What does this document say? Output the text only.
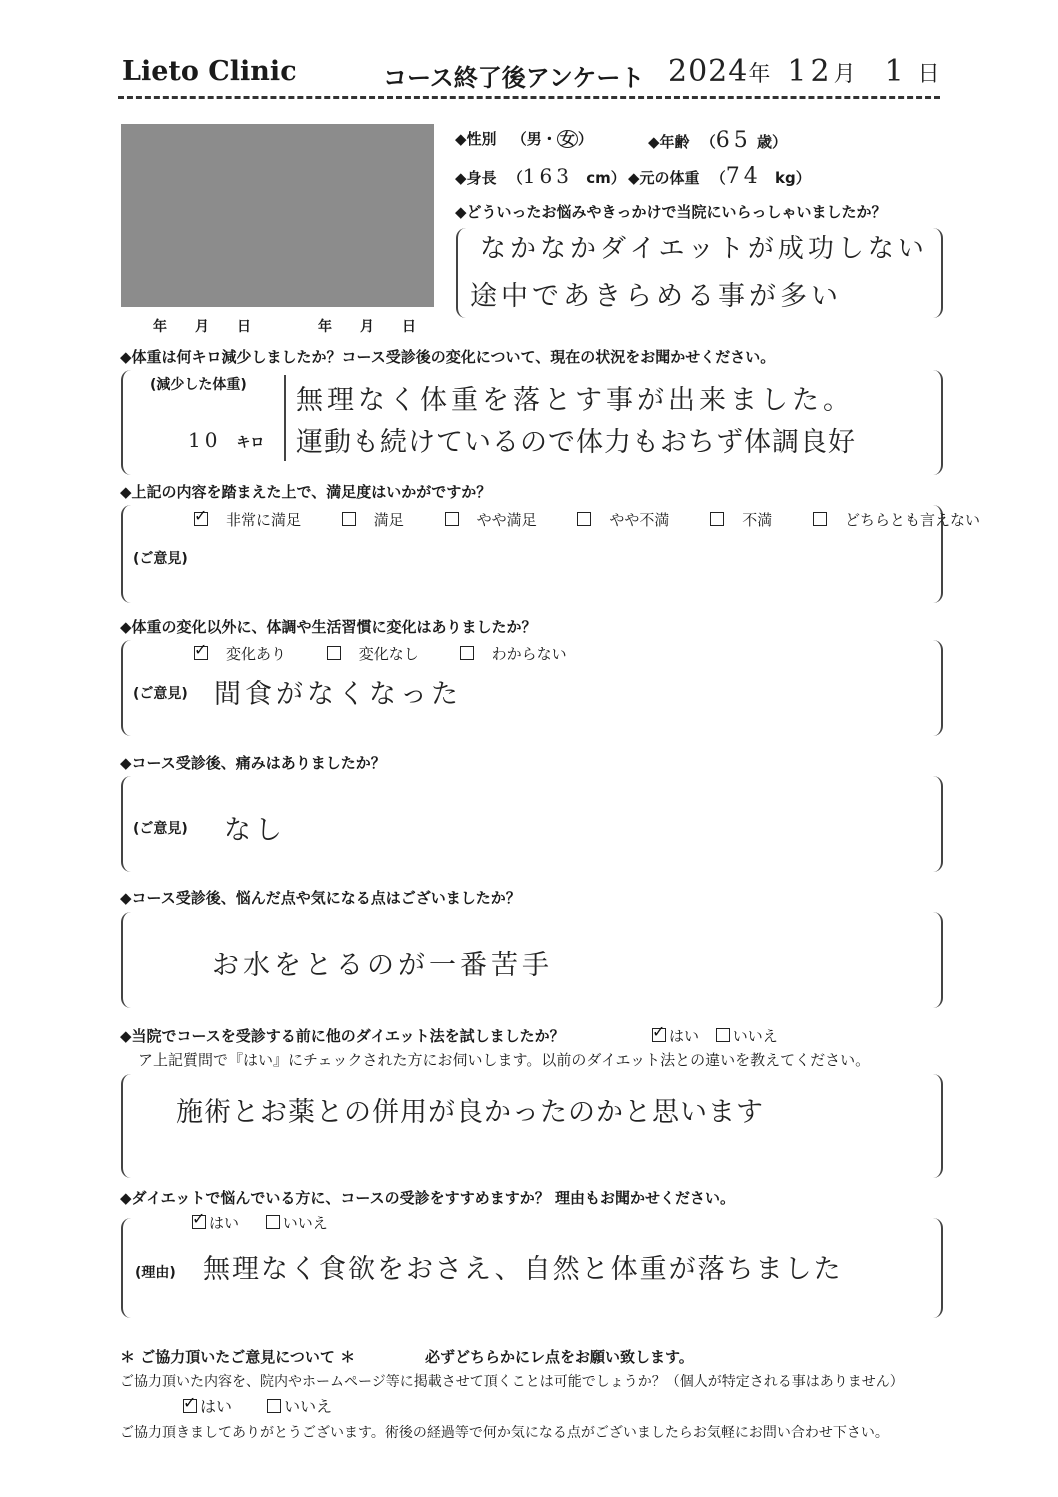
Lieto Clinic	コース終了後アンケート 2024年 12月 1 日
年　　月　　日	年　　月　　日
◆性別 （男・ 女 ）	◆年齢 （65 歳）
◆身長 （163 cm） ◆元の体重 （74 kg）
◆どういったお悩みやきっかけで当院にいらっしゃいましたか？
なかなかダイエットが成功しない
途中であきらめる事が多い
◆体重は何キロ減少しましたか？コース受診後の変化について、現在の状況をお聞かせください。
(減少した体重)
10 キロ
無理なく体重を落とす事が出来ました。
運動も続けているので体力もおちず体調良好
◆上記の内容を踏まえた上で、満足度はいかがですか？
✓非常に満足	満足	やや満足	やや不満	不満	どちらとも言えない
(ご意見)
◆体重の変化以外に、体調や生活習慣に変化はありましたか？
✓変化あり	変化なし	わからない
(ご意見) 間食がなくなった
◆コース受診後、痛みはありましたか？
(ご意見) なし
◆コース受診後、悩んだ点や気になる点はございましたか？
お水をとるのが一番苦手
◆当院でコースを受診する前に他のダイエット法を試しましたか？
✓	はい いいえ
ア上記質問で『はい』にチェックされた方にお伺いします。以前のダイエット法との違いを教えてください。
施術とお薬との併用が良かったのかと思います
◆ダイエットで悩んでいる方に、コースの受診をすすめますか？ 理由もお聞かせください。
✓はい	いいえ
(理由) 無理なく食欲をおさえ、自然と体重が落ちました
＊ ご協力頂いたご意見について ＊	必ずどちらかにレ点をお願い致します。
ご協力頂いた内容を、院内やホームページ等に掲載させて頂くことは可能でしょうか？（個人が特定される事はありません）
✓はい	いいえ
ご協力頂きましてありがとうございます。術後の経過等で何か気になる点がございましたらお気軽にお問い合わせ下さい。
